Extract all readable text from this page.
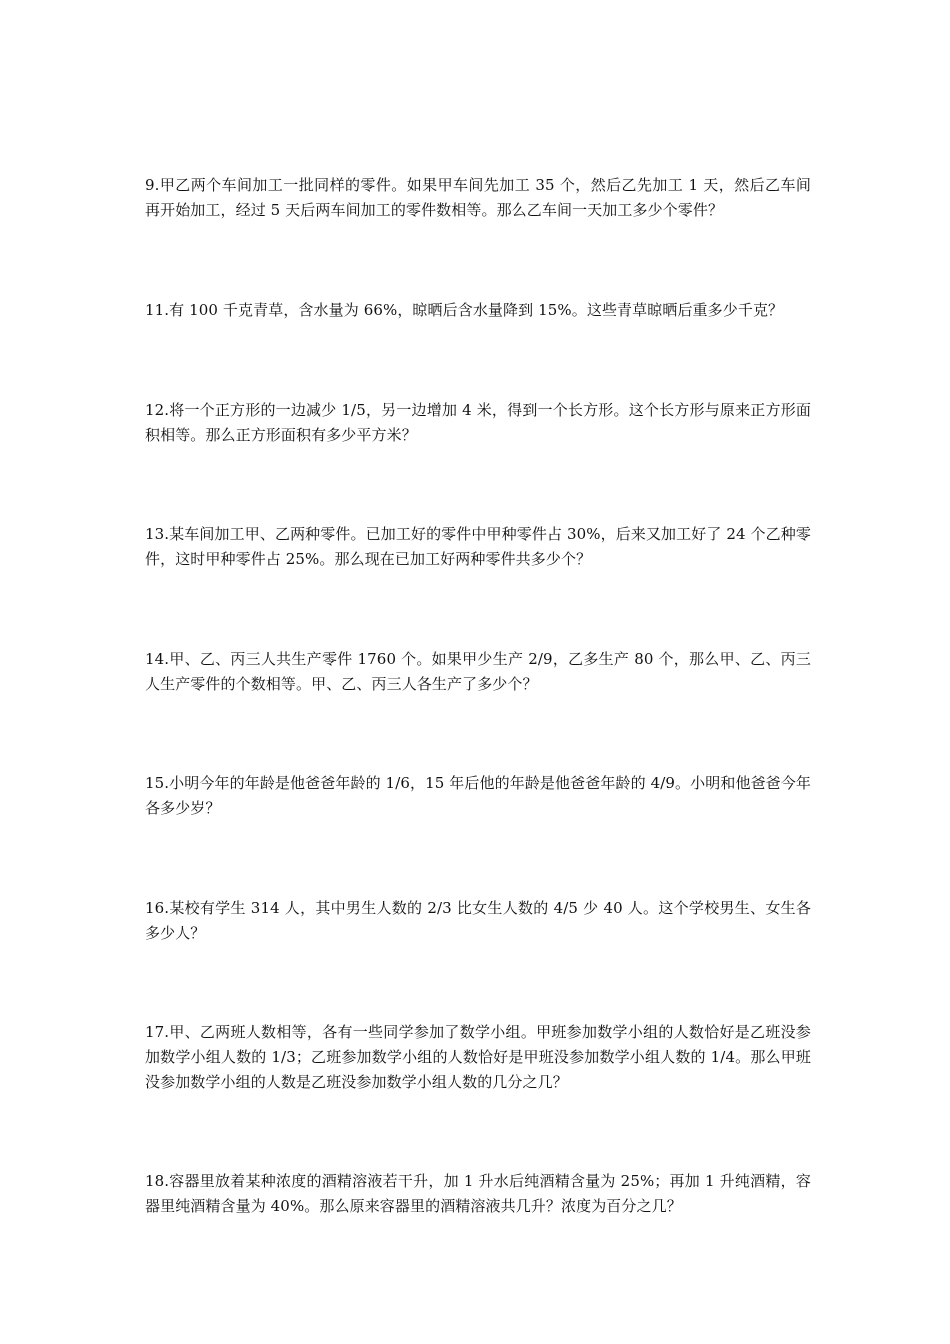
9.甲乙两个车间加工一批同样的零件。如果甲车间先加工 35 个，然后乙先加工 1 天，然后乙车间再开始加工，经过 5 天后两车间加工的零件数相等。那么乙车间一天加工多少个零件？

11.有 100 千克青草，含水量为 66%，晾晒后含水量降到 15%。这些青草晾晒后重多少千克？

12.将一个正方形的一边减少 1/5，另一边增加 4 米，得到一个长方形。这个长方形与原来正方形面积相等。那么正方形面积有多少平方米？

13.某车间加工甲、乙两种零件。已加工好的零件中甲种零件占 30%，后来又加工好了 24 个乙种零件，这时甲种零件占 25%。那么现在已加工好两种零件共多少个？

14.甲、乙、丙三人共生产零件 1760 个。如果甲少生产 2/9，乙多生产 80 个，那么甲、乙、丙三人生产零件的个数相等。甲、乙、丙三人各生产了多少个？

15.小明今年的年龄是他爸爸年龄的 1/6，15 年后他的年龄是他爸爸年龄的 4/9。小明和他爸爸今年各多少岁？

16.某校有学生 314 人，其中男生人数的 2/3 比女生人数的 4/5 少 40 人。这个学校男生、女生各多少人？

17.甲、乙两班人数相等，各有一些同学参加了数学小组。甲班参加数学小组的人数恰好是乙班没参加数学小组人数的 1/3；乙班参加数学小组的人数恰好是甲班没参加数学小组人数的 1/4。那么甲班没参加数学小组的人数是乙班没参加数学小组人数的几分之几？

18.容器里放着某种浓度的酒精溶液若干升，加 1 升水后纯酒精含量为 25%；再加 1 升纯酒精，容器里纯酒精含量为 40%。那么原来容器里的酒精溶液共几升？浓度为百分之几？
